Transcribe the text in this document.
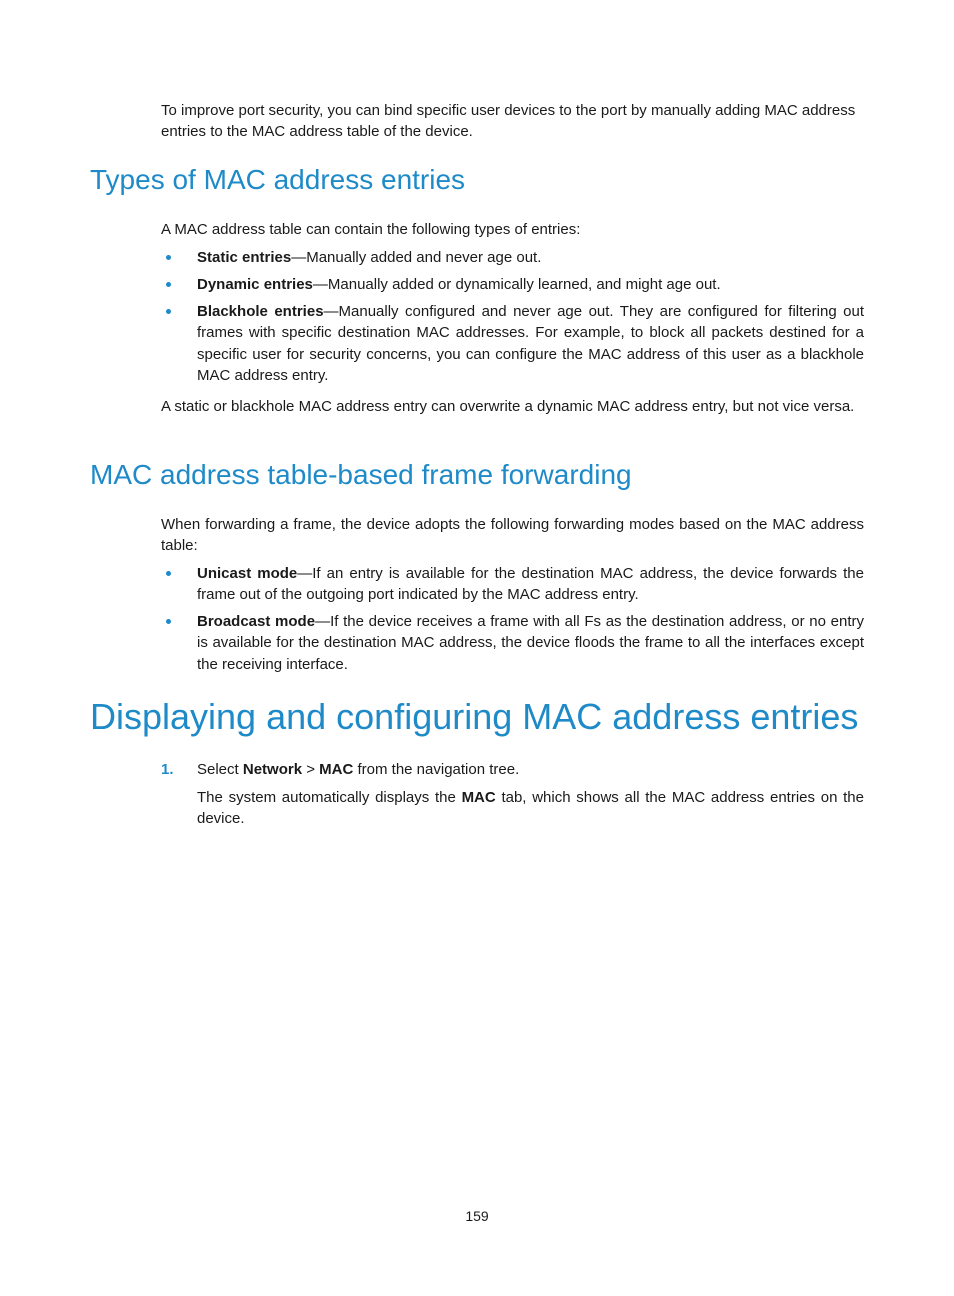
To improve port security, you can bind specific user devices to the port by manually adding MAC address entries to the MAC address table of the device.

Types of MAC address entries

A MAC address table can contain the following types of entries:

Static entries—Manually added and never age out.

Dynamic entries—Manually added or dynamically learned, and might age out.

Blackhole entries—Manually configured and never age out. They are configured for filtering out frames with specific destination MAC addresses. For example, to block all packets destined for a specific user for security concerns, you can configure the MAC address of this user as a blackhole MAC address entry.

A static or blackhole MAC address entry can overwrite a dynamic MAC address entry, but not vice versa.

MAC address table-based frame forwarding

When forwarding a frame, the device adopts the following forwarding modes based on the MAC address table:

Unicast mode—If an entry is available for the destination MAC address, the device forwards the frame out of the outgoing port indicated by the MAC address entry.

Broadcast mode—If the device receives a frame with all Fs as the destination address, or no entry is available for the destination MAC address, the device floods the frame to all the interfaces except the receiving interface.

Displaying and configuring MAC address entries
1. Select Network > MAC from the navigation tree.

The system automatically displays the MAC tab, which shows all the MAC address entries on the device.

159
